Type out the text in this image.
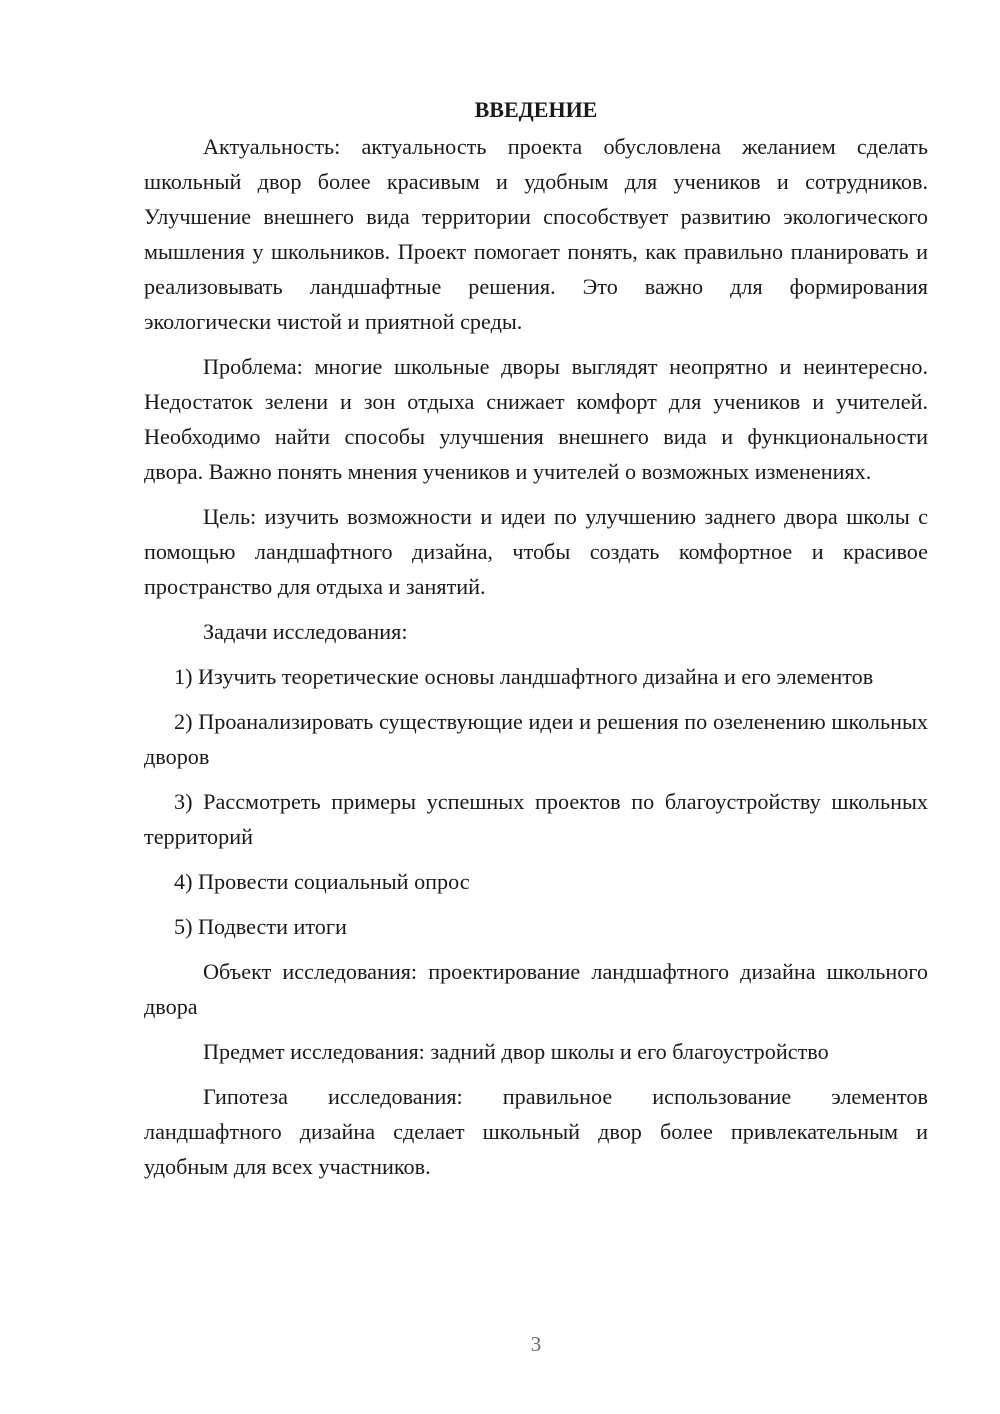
ВВЕДЕНИЕ

Актуальность: актуальность проекта обусловлена желанием сделать школьный двор более красивым и удобным для учеников и сотрудников. Улучшение внешнего вида территории способствует развитию экологического мышления у школьников. Проект помогает понять, как правильно планировать и реализовывать ландшафтные решения. Это важно для формирования экологически чистой и приятной среды.

Проблема: многие школьные дворы выглядят неопрятно и неинтересно. Недостаток зелени и зон отдыха снижает комфорт для учеников и учителей. Необходимо найти способы улучшения внешнего вида и функциональности двора. Важно понять мнения учеников и учителей о возможных изменениях.

Цель: изучить возможности и идеи по улучшению заднего двора школы с помощью ландшафтного дизайна, чтобы создать комфортное и красивое пространство для отдыха и занятий.

Задачи исследования:

1) Изучить теоретические основы ландшафтного дизайна и его элементов

2) Проанализировать существующие идеи и решения по озеленению школьных дворов

3) Рассмотреть примеры успешных проектов по благоустройству школьных территорий

4) Провести социальный опрос

5) Подвести итоги

Объект исследования: проектирование ландшафтного дизайна школьного двора

Предмет исследования: задний двор школы и его благоустройство

Гипотеза исследования: правильное использование элементов ландшафтного дизайна сделает школьный двор более привлекательным и удобным для всех участников.

3
